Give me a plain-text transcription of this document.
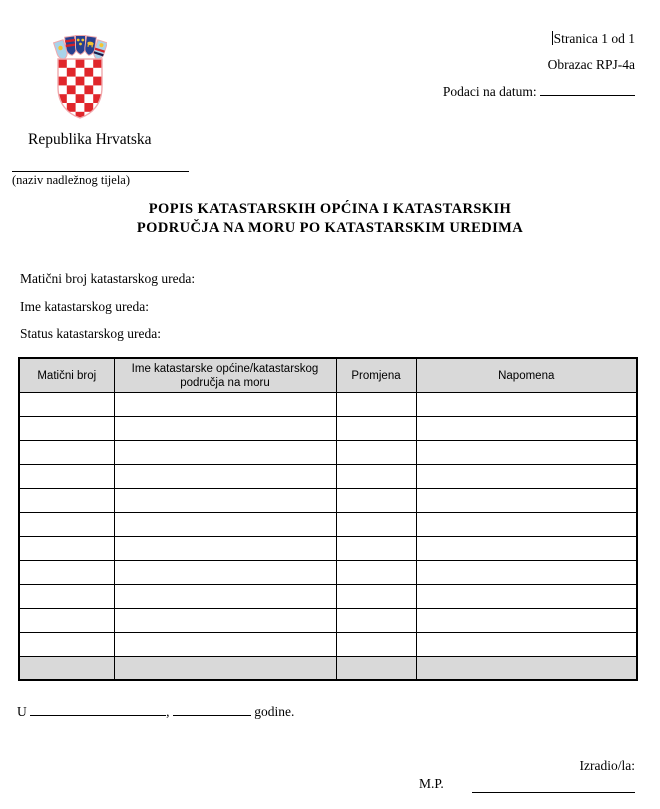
Stranica 1 od 1
Obrazac RPJ-4a
Podaci na datum:
Republika Hrvatska
(naziv nadležnog tijela)
POPIS KATASTARSKIH OPĆINA I KATASTARSKIH
PODRUČJA NA MORU PO KATASTARSKIM UREDIMA
Matični broj katastarskog ureda:
Ime katastarskog ureda:
Status katastarskog ureda:
Matični broj	Ime katastarske općine/katastarskog područja na moru	Promjena	Napomena

U	,	godine.
Izradio/la:
M.P.
